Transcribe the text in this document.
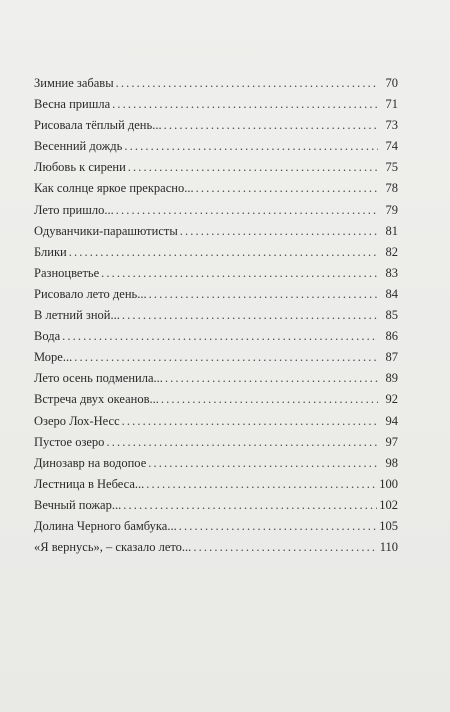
Зимние забавы . . .	70
Весна пришла . . .	71
Рисовала тёплый день... . . .	73
Весенний дождь . . .	74
Любовь к сирени . . .	75
Как солнце яркое прекрасно... . . .	78
Лето пришло... . . .	79
Одуванчики-парашютисты . . .	81
Блики . . .	82
Разноцветье . . .	83
Рисовало лето день... . . .	84
В летний зной... . . .	85
Вода . . .	86
Море... . . .	87
Лето осень подменила... . . .	89
Встреча двух океанов... . . .	92
Озеро Лох-Несс . . .	94
Пустое озеро . . .	97
Динозавр на водопое . . .	98
Лестница в Небеса... . . .	100
Вечный пожар... . . .	102
Долина Черного бамбука... . . .	105
«Я вернусь», – сказало лето... . . .	110
